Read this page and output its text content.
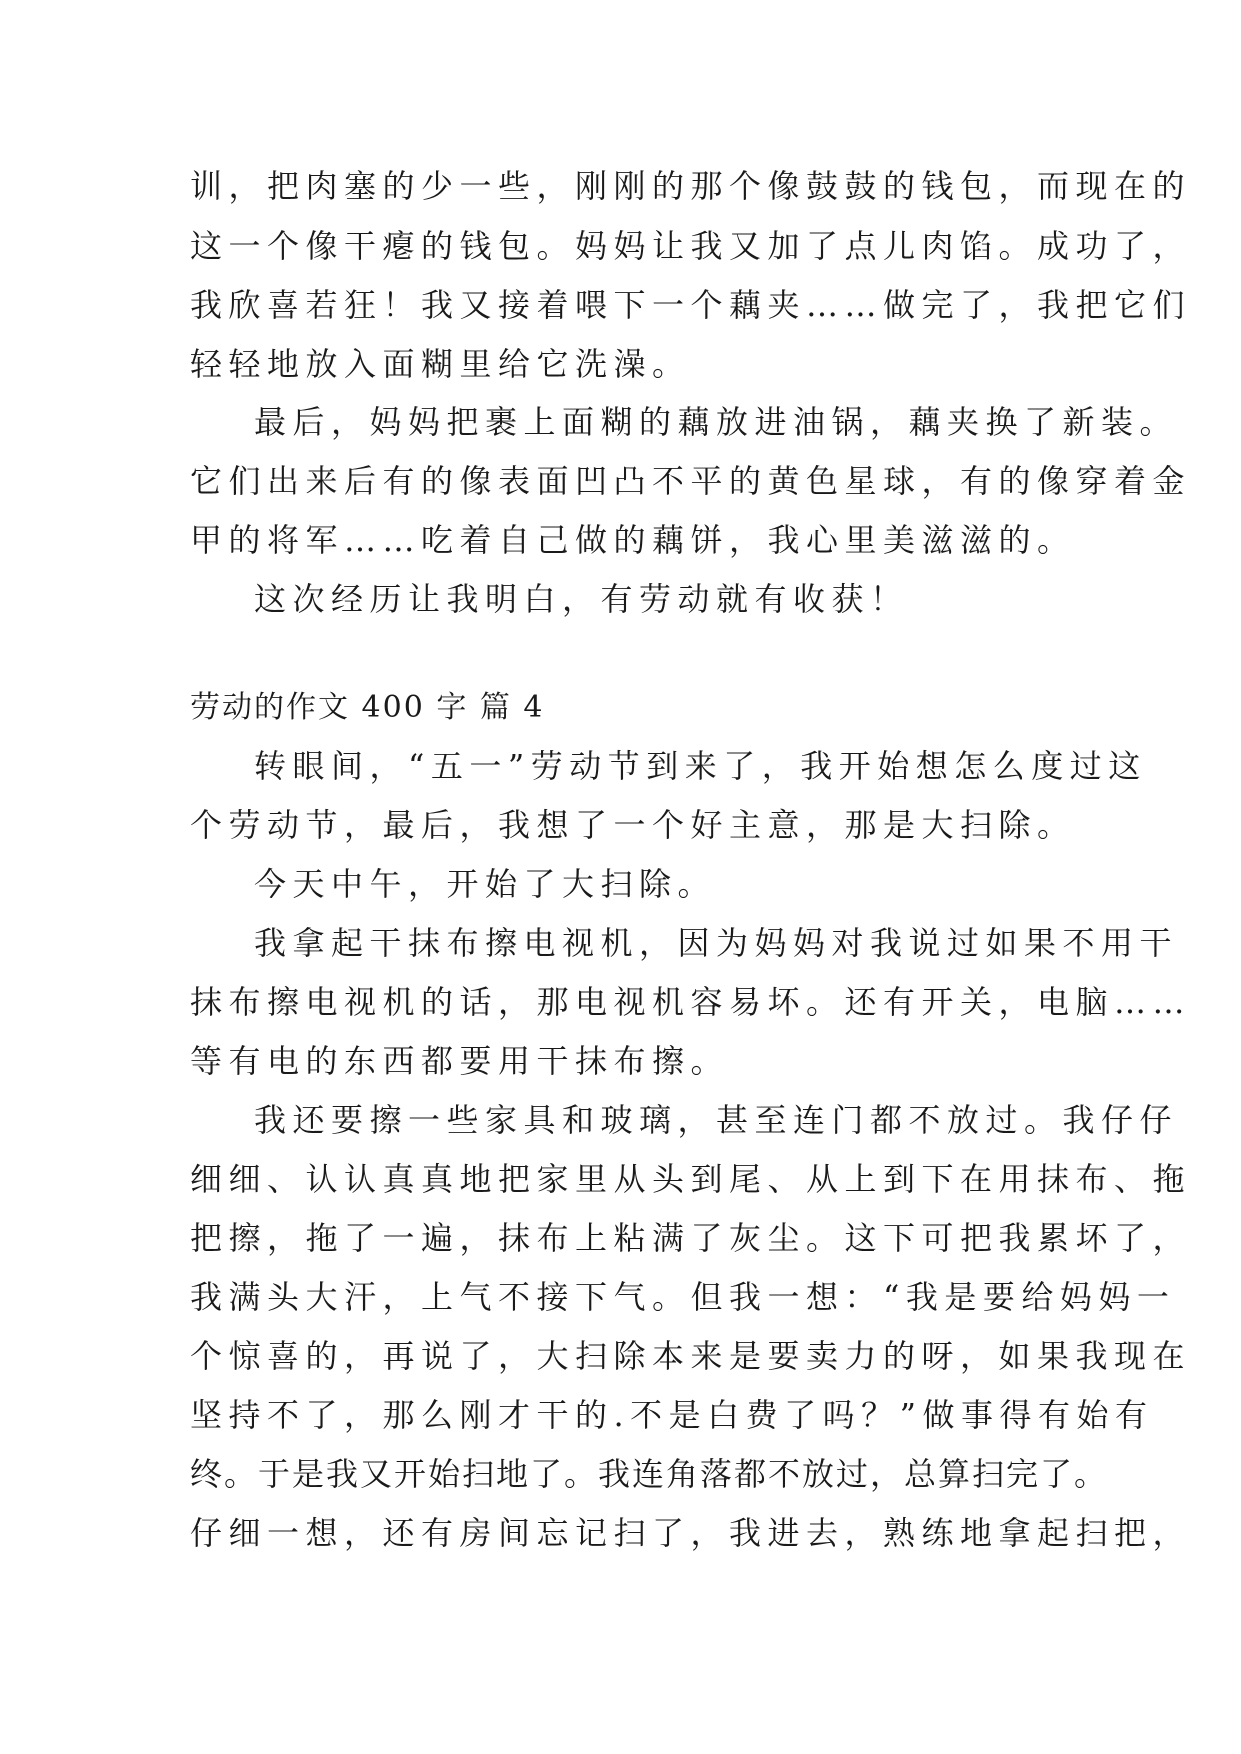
训，把肉塞的少一些，刚刚的那个像鼓鼓的钱包，而现在的
这一个像干瘪的钱包。妈妈让我又加了点儿肉馅。成功了，
我欣喜若狂！我又接着喂下一个藕夹……做完了，我把它们
轻轻地放入面糊里给它洗澡。
最后，妈妈把裹上面糊的藕放进油锅，藕夹换了新装。
它们出来后有的像表面凹凸不平的黄色星球，有的像穿着金
甲的将军……吃着自己做的藕饼，我心里美滋滋的。
这次经历让我明白，有劳动就有收获！
劳动的作文 400 字 篇 4
转眼间，“五一”劳动节到来了，我开始想怎么度过这
个劳动节，最后，我想了一个好主意，那是大扫除。
今天中午，开始了大扫除。
我拿起干抹布擦电视机，因为妈妈对我说过如果不用干
抹布擦电视机的话，那电视机容易坏。还有开关，电脑……
等有电的东西都要用干抹布擦。
我还要擦一些家具和玻璃，甚至连门都不放过。我仔仔
细细、认认真真地把家里从头到尾、从上到下在用抹布、拖
把擦，拖了一遍，抹布上粘满了灰尘。这下可把我累坏了，
我满头大汗，上气不接下气。但我一想：“我是要给妈妈一
个惊喜的，再说了，大扫除本来是要卖力的呀，如果我现在
坚持不了，那么刚才干的.不是白费了吗？”做事得有始有
终。于是我又开始扫地了。我连角落都不放过，总算扫完了。
仔细一想，还有房间忘记扫了，我进去，熟练地拿起扫把，
